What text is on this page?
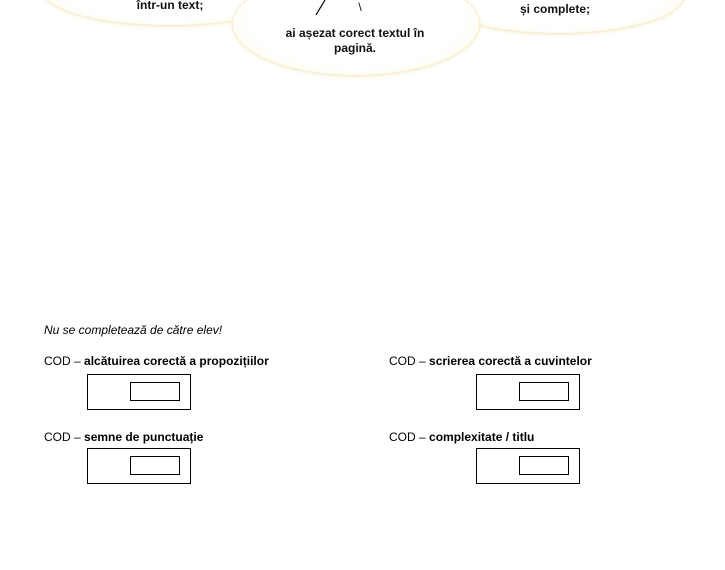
într-un text;	și complete;
\
ai așezat corect textul în
pagină.
Nu se completează de către elev!
COD – alcătuirea corectă a propozițiilor	COD – scrierea corectă a cuvintelor
COD – semne de punctuație	COD – complexitate / titlu
